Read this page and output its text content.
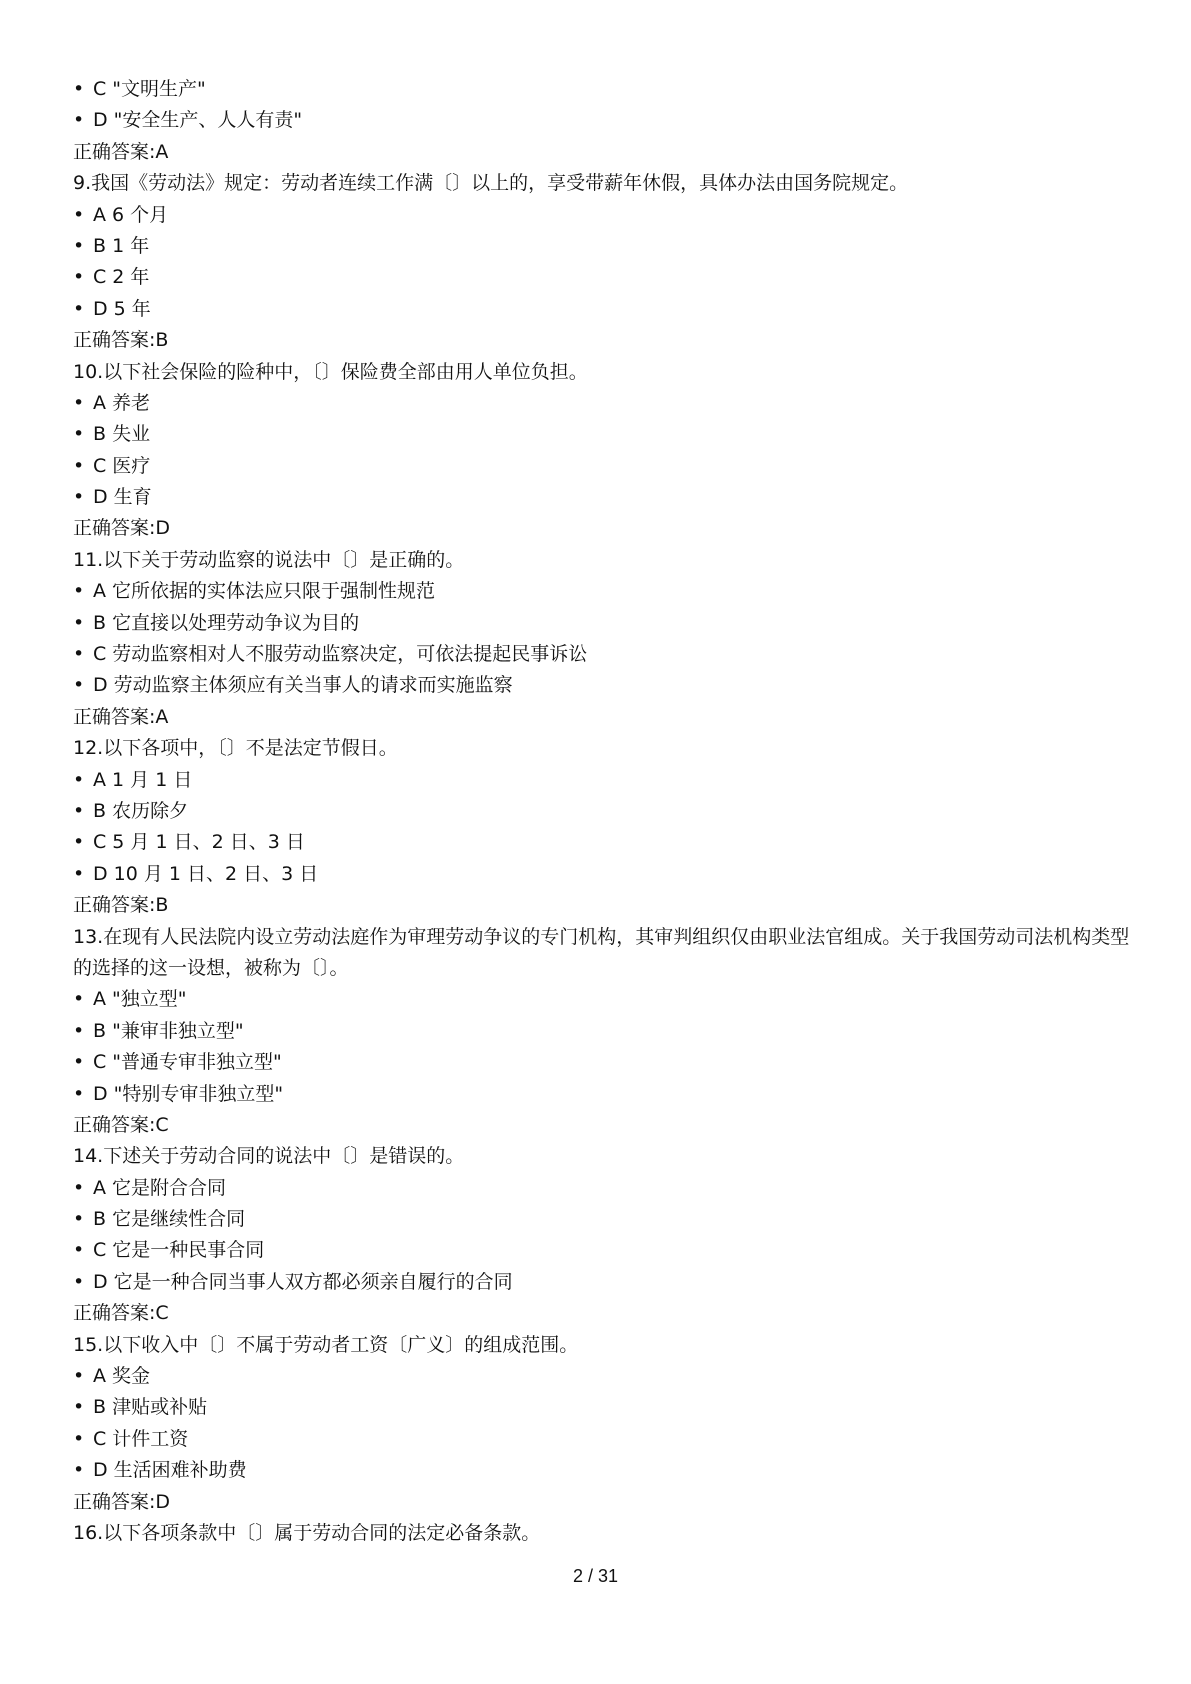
• C "文明生产"
• D "安全生产、人人有责"
正确答案:A
9.我国《劳动法》规定：劳动者连续工作满〔〕以上的，享受带薪年休假，具体办法由国务院规定。
• A 6 个月
• B 1 年
• C 2 年
• D 5 年
正确答案:B
10.以下社会保险的险种中，〔〕保险费全部由用人单位负担。
• A 养老
• B 失业
• C 医疗
• D 生育
正确答案:D
11.以下关于劳动监察的说法中〔〕是正确的。
• A 它所依据的实体法应只限于强制性规范
• B 它直接以处理劳动争议为目的
• C 劳动监察相对人不服劳动监察决定，可依法提起民事诉讼
• D 劳动监察主体须应有关当事人的请求而实施监察
正确答案:A
12.以下各项中，〔〕不是法定节假日。
• A 1 月 1 日
• B 农历除夕
• C 5 月 1 日、2 日、3 日
• D 10 月 1 日、2 日、3 日
正确答案:B
13.在现有人民法院内设立劳动法庭作为审理劳动争议的专门机构，其审判组织仅由职业法官组成。关于我国劳动司法机构类型的选择的这一设想，被称为〔〕。
• A "独立型"
• B "兼审非独立型"
• C "普通专审非独立型"
• D "特别专审非独立型"
正确答案:C
14.下述关于劳动合同的说法中〔〕是错误的。
• A 它是附合合同
• B 它是继续性合同
• C 它是一种民事合同
• D 它是一种合同当事人双方都必须亲自履行的合同
正确答案:C
15.以下收入中〔〕不属于劳动者工资〔广义〕的组成范围。
• A 奖金
• B 津贴或补贴
• C 计件工资
• D 生活困难补助费
正确答案:D
16.以下各项条款中〔〕属于劳动合同的法定必备条款。
2 / 31
